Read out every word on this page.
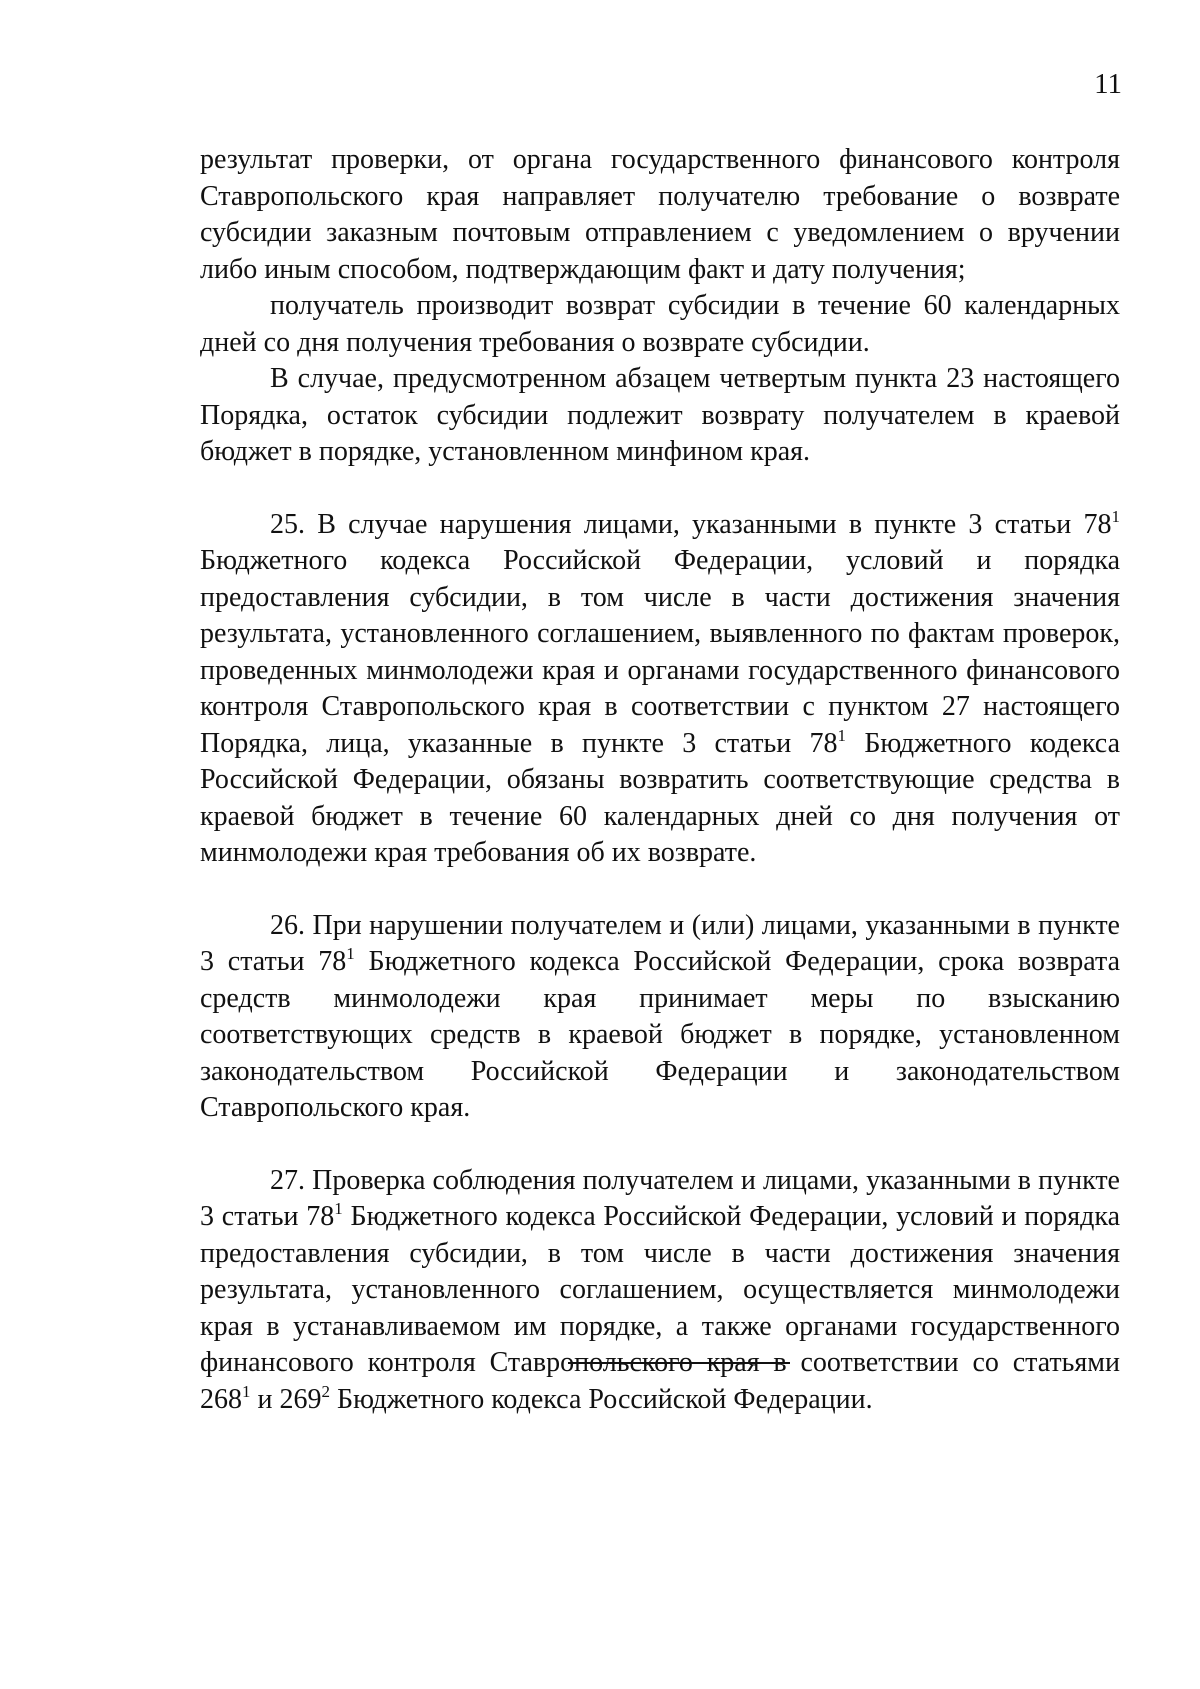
11

результат проверки, от органа государственного финансового контроля Ставропольского края направляет получателю требование о возврате субсидии заказным почтовым отправлением с уведомлением о вручении либо иным способом, подтверждающим факт и дату получения;

получатель производит возврат субсидии в течение 60 календарных дней со дня получения требования о возврате субсидии.

В случае, предусмотренном абзацем четвертым пункта 23 настоящего Порядка, остаток субсидии подлежит возврату получателем в краевой бюджет в порядке, установленном минфином края.

25. В случае нарушения лицами, указанными в пункте 3 статьи $78^1$ Бюджетного кодекса Российской Федерации, условий и порядка предоставления субсидии, в том числе в части достижения значения результата, установленного соглашением, выявленного по фактам проверок, проведенных минмолодежи края и органами государственного финансового контроля Ставропольского края в соответствии с пунктом 27 настоящего Порядка, лица, указанные в пункте 3 статьи $78^1$ Бюджетного кодекса Российской Федерации, обязаны возвратить соответствующие средства в краевой бюджет в течение 60 календарных дней со дня получения от минмолодежи края требования об их возврате.

26. При нарушении получателем и (или) лицами, указанными в пункте 3 статьи $78^1$ Бюджетного кодекса Российской Федерации, срока возврата средств минмолодежи края принимает меры по взысканию соответствующих средств в краевой бюджет в порядке, установленном законодательством Российской Федерации и законодательством Ставропольского края.

27. Проверка соблюдения получателем и лицами, указанными в пункте 3 статьи $78^1$ Бюджетного кодекса Российской Федерации, условий и порядка предоставления субсидии, в том числе в части достижения значения результата, установленного соглашением, осуществляется минмолодежи края в устанавливаемом им порядке, а также органами государственного финансового контроля Ставропольского края в соответствии со статьями $268^1$ и $269^2$ Бюджетного кодекса Российской Федерации.
